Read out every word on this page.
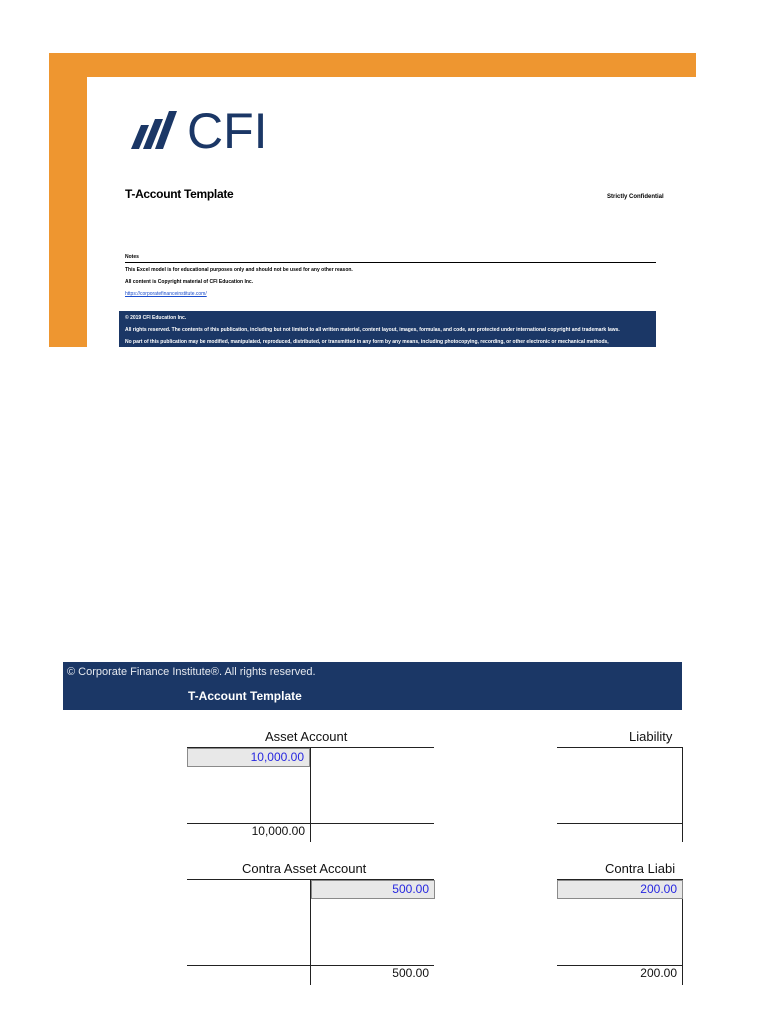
CFI
T-Account Template	Strictly Confidential
Notes
This Excel model is for educational purposes only and should not be used for any other reason.
All content is Copyright material of CFI Education Inc.
https://corporatefinanceinstitute.com/
© 2019 CFI Education Inc.
All rights reserved. The contents of this publication, including but not limited to all written material, content layout, images, formulas, and code, are protected under international copyright and trademark laws.
No part of this publication may be modified, manipulated, reproduced, distributed, or transmitted in any form by any means, including photocopying, recording, or other electronic or mechanical methods,
© Corporate Finance Institute®. All rights reserved.
T-Account Template
Asset Account
10,000.00
10,000.00
Liability
Contra Asset Account
500.00
500.00
Contra Liabi
200.00
200.00
